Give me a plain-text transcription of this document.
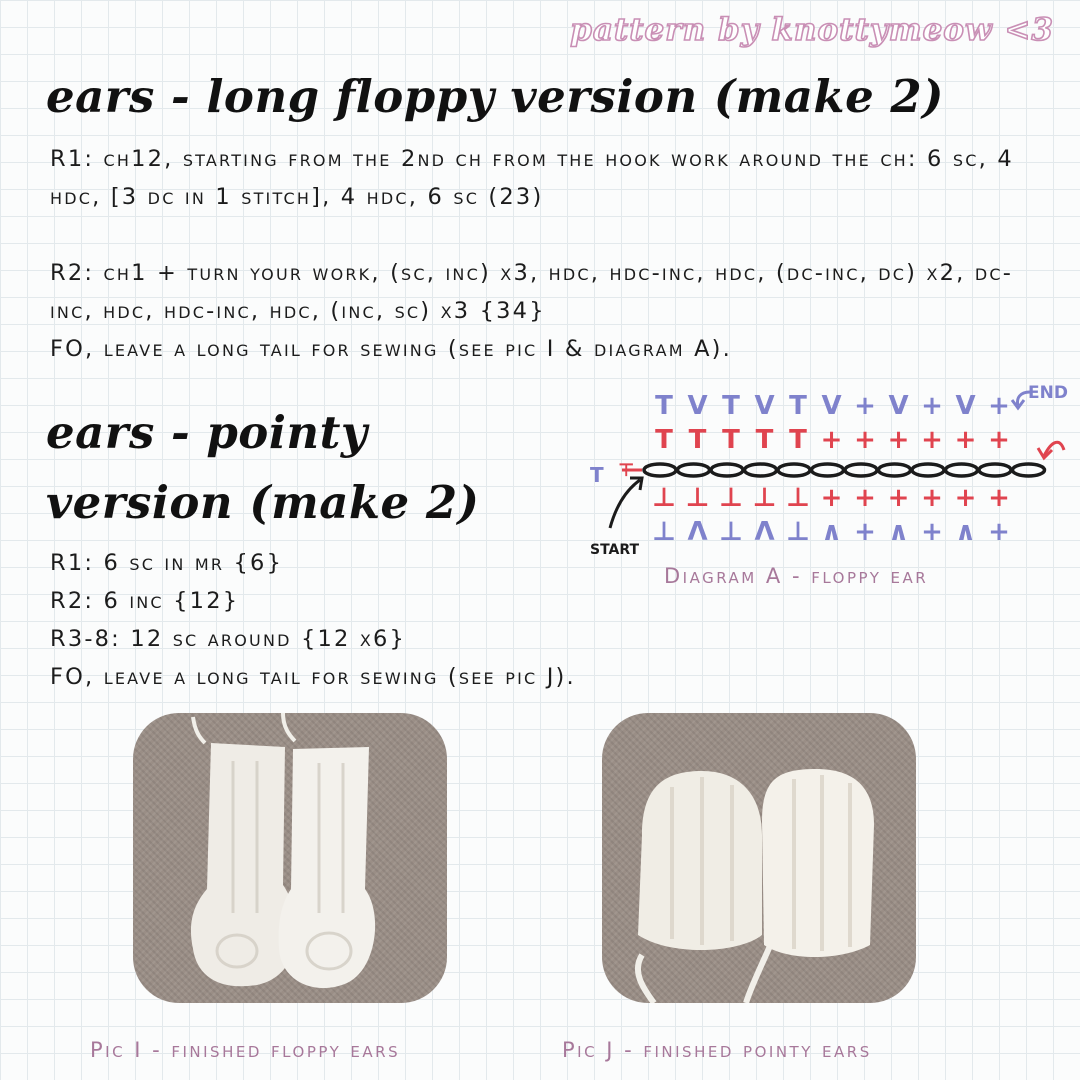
pattern by knottymeow <3
ears - long floppy version (make 2)

R1: ch12, starting from the 2nd ch from the hook work around the ch: 6 sc, 4 hdc, [3 dc in 1 stitch], 4 hdc, 6 sc (23)

R2: ch1 + turn your work, (sc, inc) x3, hdc, hdc-inc, hdc, (dc-inc, dc) x2, dc-inc, hdc, hdc-inc, hdc, (inc, sc) x3 {34}

FO, leave a long tail for sewing (see pic I & diagram A).

ears - pointy
version (make 2)

R1: 6 sc in mr {6}

R2: 6 inc {12}

R3-8: 12 sc around {12 x6}

FO, leave a long tail for sewing (see pic J).

T T T T T + + + + + +
T V T V T V + V + V +
⊥ ⊥ ⊥ ⊥ ⊥ + + + + + +
⊥ Λ ⊥ Λ ⊥ ∧ + ∧ + ∧ +
END
START
T ⊤
Diagram A - floppy ear
Pic I - finished floppy ears	Pic J - finished pointy ears
